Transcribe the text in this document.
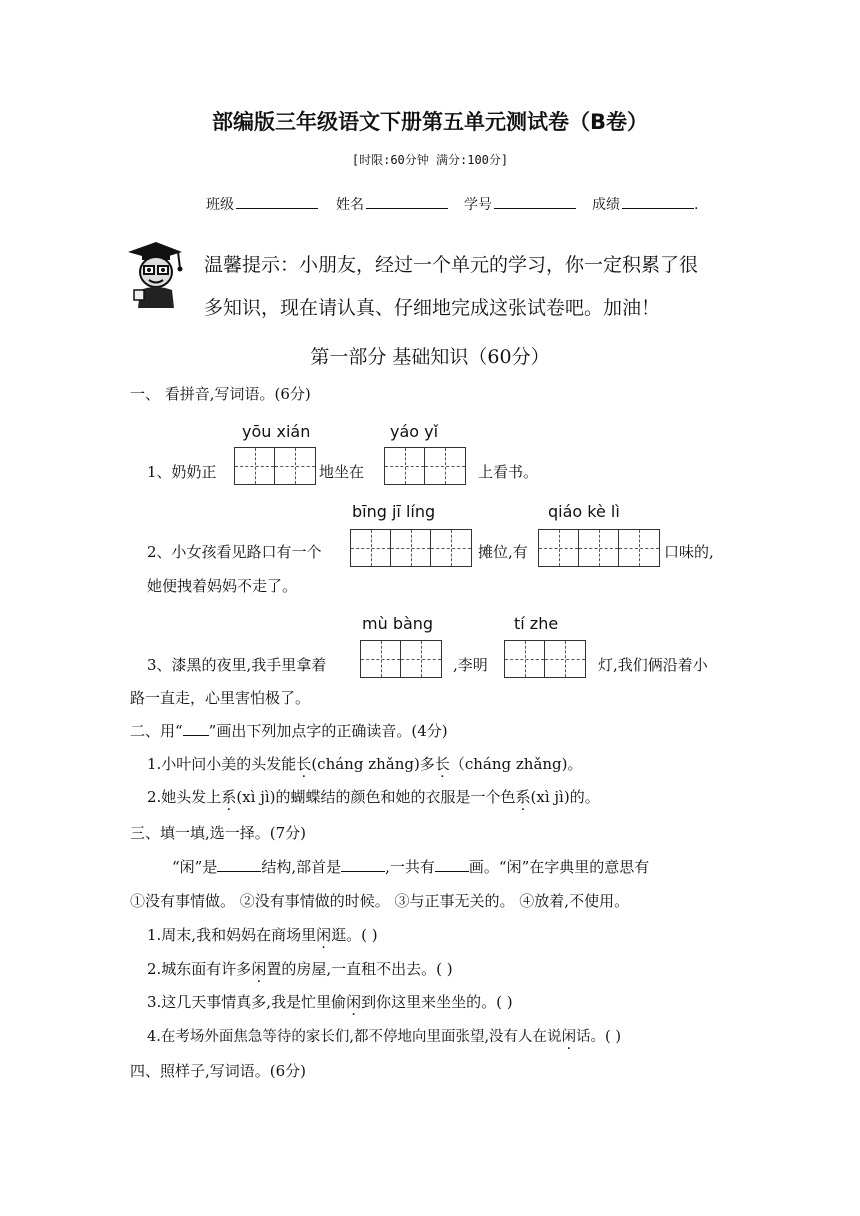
部编版三年级语文下册第五单元测试卷（B卷）
[时限:60分钟 满分:100分]
班级	姓名	学号	成绩	.
温馨提示：小朋友，经过一个单元的学习，你一定积累了很
多知识，现在请认真、仔细地完成这张试卷吧。加油！
第一部分 基础知识（60分）
一、 看拼音,写词语。(6分)
yōu xián	yáo yǐ
1、奶奶正	地坐在	上看书。
bīng jī líng	qiáo kè lì
2、小女孩看见路口有一个	摊位,有	口味的,
她便拽着妈妈不走了。
mù bàng	tí zhe
3、漆黑的夜里,我手里拿着	,李明	灯,我们俩沿着小
路一直走，心里害怕极了。
二、用“ ”画出下列加点字的正确读音。(4分)
1.小叶问小美的头发能长(cháng zhǎng)多长（cháng zhǎng)。
2.她头发上系(xì jì)的蝴蝶结的颜色和她的衣服是一个色系(xì jì)的。
三、填一填,选一择。(7分)
“闲”是	结构,部首是	,一共有 画。“闲”在字典里的意思有
①没有事情做。 ②没有事情做的时候。 ③与正事无关的。 ④放着,不使用。
1.周末,我和妈妈在商场里闲逛。( )
2.城东面有许多闲置的房屋,一直租不出去。( )
3.这几天事情真多,我是忙里偷闲到你这里来坐坐的。( )
4.在考场外面焦急等待的家长们,都不停地向里面张望,没有人在说闲话。( )
四、照样子,写词语。(6分)
